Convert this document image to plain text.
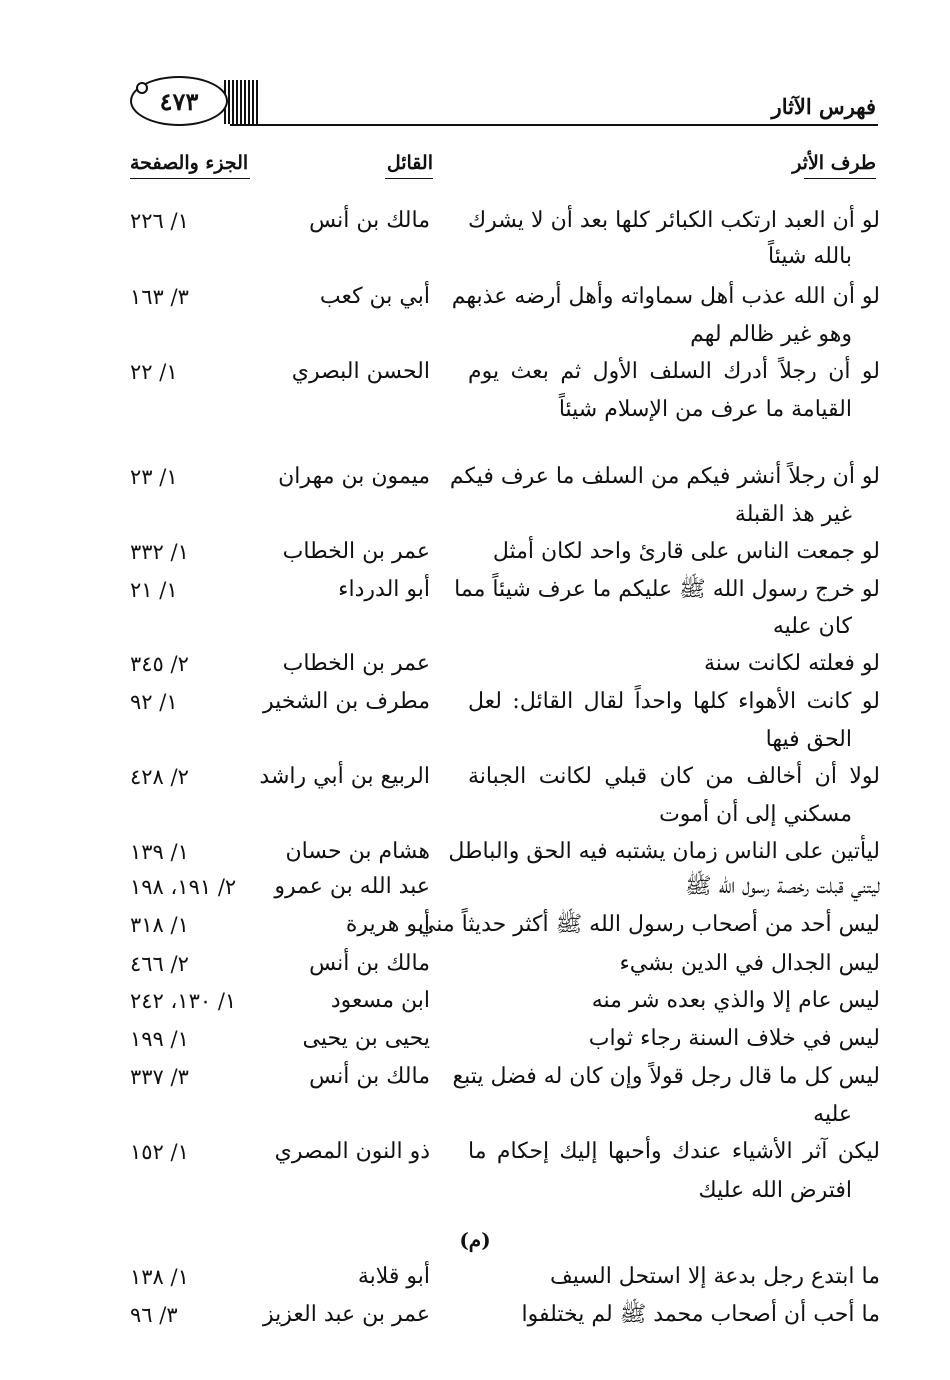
٤٧٣	فهرس الآثار
طرف الأثر
القائل
الجزء والصفحة
لو أن العبد ارتكب الكبائر كلها بعد أن لا يشرك
مالك بن أنس
١/ ٢٢٦
بالله شيئاً
لو أن الله عذب أهل سماواته وأهل أرضه عذبهم
أبي بن كعب
٣/ ١٦٣
وهو غير ظالم لهم
لو أن رجلاً أدرك السلف الأول ثم بعث يوم
الحسن البصري
١/ ٢٢
القيامة ما عرف من الإسلام شيئاً
لو أن رجلاً أنشر فيكم من السلف ما عرف فيكم
ميمون بن مهران
١/ ٢٣
غير هذ القبلة
لو جمعت الناس على قارئ واحد لكان أمثل
عمر بن الخطاب
١/ ٣٣٢
لو خرج رسول الله ﷺ عليكم ما عرف شيئاً مما
أبو الدرداء
١/ ٢١
كان عليه
لو فعلته لكانت سنة
عمر بن الخطاب
٢/ ٣٤٥
لو كانت الأهواء كلها واحداً لقال القائل: لعل
مطرف بن الشخير
١/ ٩٢
الحق فيها
لولا أن أخالف من كان قبلي لكانت الجبانة
الربيع بن أبي راشد
٢/ ٤٢٨
مسكني إلى أن أموت
ليأتين على الناس زمان يشتبه فيه الحق والباطل
هشام بن حسان
١/ ١٣٩
ليتني قبلت رخصة رسول الله ﷺ
عبد الله بن عمرو
٢/ ١٩١، ١٩٨
ليس أحد من أصحاب رسول الله ﷺ أكثر حديثاً مني
أبو هريرة
١/ ٣١٨
ليس الجدال في الدين بشيء
مالك بن أنس
٢/ ٤٦٦
ليس عام إلا والذي بعده شر منه
ابن مسعود
١/ ١٣٠، ٢٤٢
ليس في خلاف السنة رجاء ثواب
يحيى بن يحيى
١/ ١٩٩
ليس كل ما قال رجل قولاً وإن كان له فضل يتبع
مالك بن أنس
٣/ ٣٣٧
عليه
ليكن آثر الأشياء عندك وأحبها إليك إحكام ما
ذو النون المصري
١/ ١٥٢
افترض الله عليك
(م)
ما ابتدع رجل بدعة إلا استحل السيف
أبو قلابة
١/ ١٣٨
ما أحب أن أصحاب محمد ﷺ لم يختلفوا
عمر بن عبد العزيز
٣/ ٩٦
